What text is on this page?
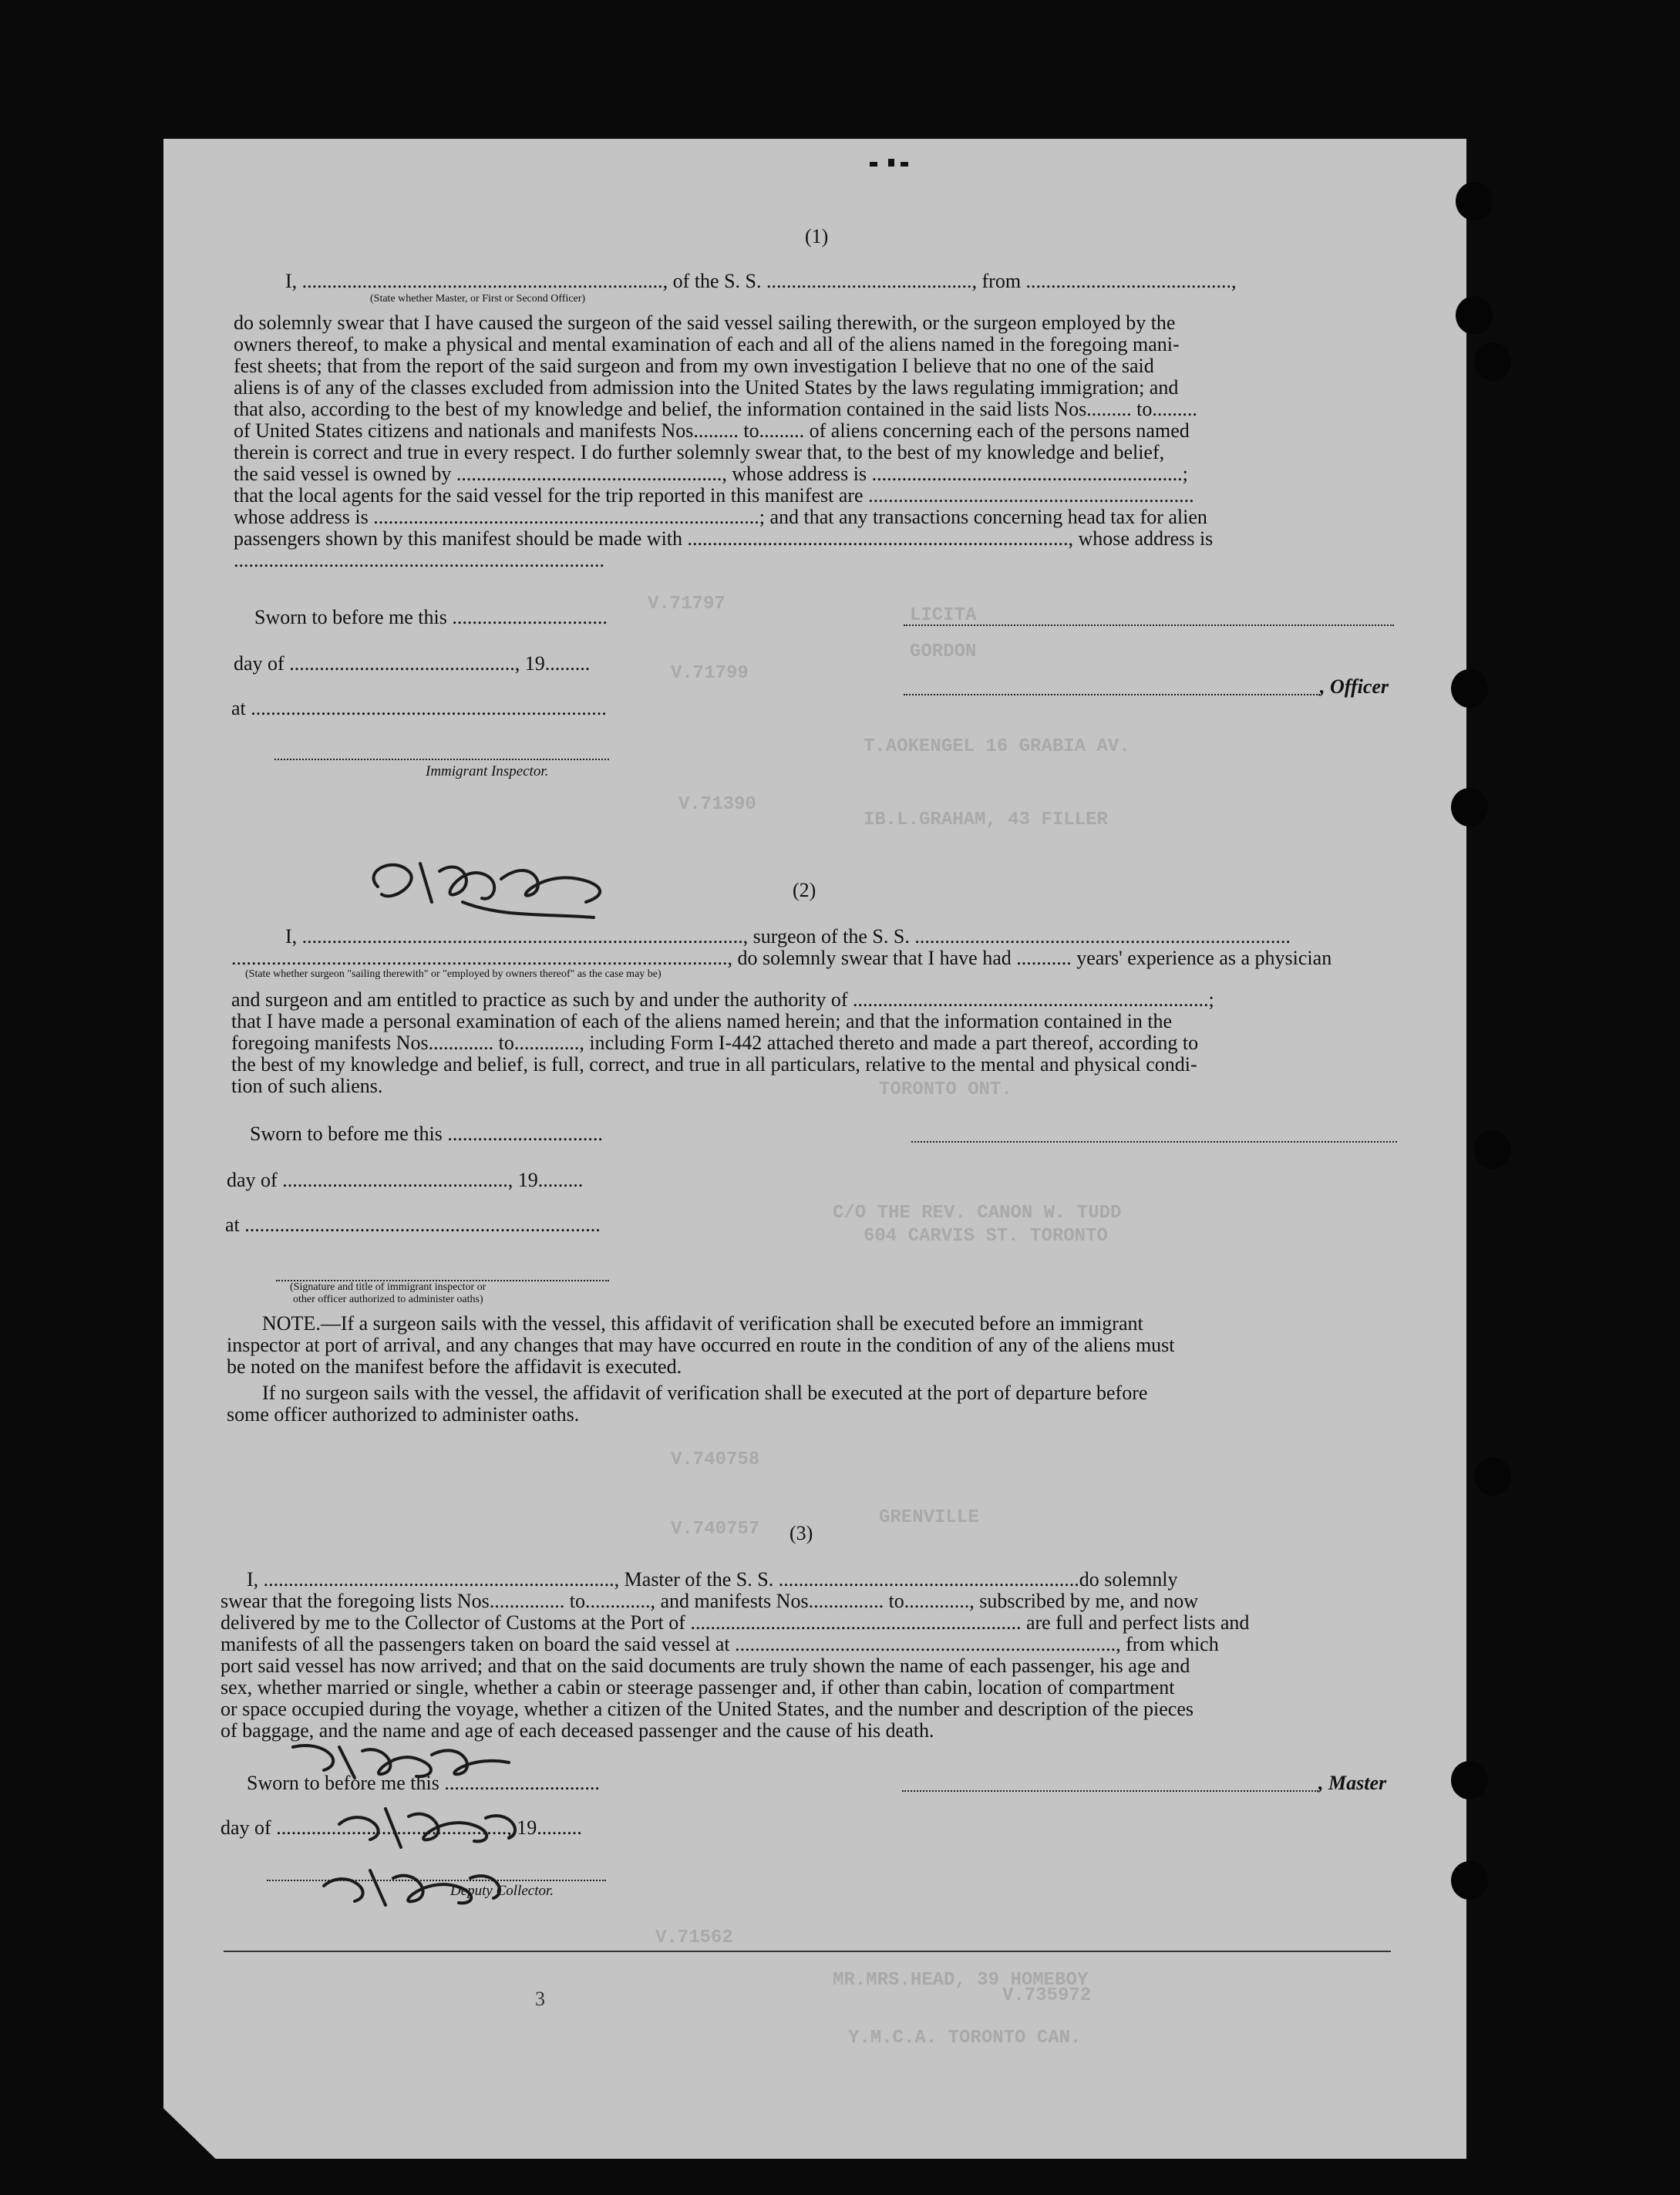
V.71797
LICITA
V.71799
GORDON
T.AOKENGEL 16 GRABIA AV.
IB.L.GRAHAM, 43 FILLER
V.71390
TORONTO ONT.
C/O THE REV. CANON W. TUDD
604 CARVIS ST. TORONTO
V.740758
V.740757
GRENVILLE
V.71562
MR.MRS.HEAD, 39 HOMEBOY
V.735972
Y.M.C.A. TORONTO CAN.
(1)
I, ........................................................................, of the S. S. ........................................., from .........................................,
(State whether Master, or First or Second Officer)
do solemnly swear that I have caused the surgeon of the said vessel sailing therewith, or the surgeon employed by the
owners thereof, to make a physical and mental examination of each and all of the aliens named in the foregoing mani-
fest sheets; that from the report of the said surgeon and from my own investigation I believe that no one of the said
aliens is of any of the classes excluded from admission into the United States by the laws regulating immigration; and
that also, according to the best of my knowledge and belief, the information contained in the said lists Nos......... to.........
of United States citizens and nationals and manifests Nos......... to......... of aliens concerning each of the persons named
therein is correct and true in every respect. I do further solemnly swear that, to the best of my knowledge and belief,
the said vessel is owned by ....................................................., whose address is ..............................................................;
that the local agents for the said vessel for the trip reported in this manifest are .................................................................
whose address is .............................................................................; and that any transactions concerning head tax for alien
passengers shown by this manifest should be made with ............................................................................, whose address is
..........................................................................
Sworn to before me this ...............................
day of ............................................., 19.........
, Officer
at .......................................................................
Immigrant Inspector.
(2)
I, ........................................................................................, surgeon of the S. S. ...........................................................................
..................................................................................................., do solemnly swear that I have had ........... years' experience as a physician
(State whether surgeon "sailing therewith" or "employed by owners thereof" as the case may be)
and surgeon and am entitled to practice as such by and under the authority of .......................................................................;
that I have made a personal examination of each of the aliens named herein; and that the information contained in the
foregoing manifests Nos............. to............., including Form I-442 attached thereto and made a part thereof, according to
the best of my knowledge and belief, is full, correct, and true in all particulars, relative to the mental and physical condi-
tion of such aliens.
Sworn to before me this ...............................
day of ............................................., 19.........
at .......................................................................
(Signature and title of immigrant inspector or
other officer authorized to administer oaths)
NOTE.—If a surgeon sails with the vessel, this affidavit of verification shall be executed before an immigrant
inspector at port of arrival, and any changes that may have occurred en route in the condition of any of the aliens must
be noted on the manifest before the affidavit is executed.
If no surgeon sails with the vessel, the affidavit of verification shall be executed at the port of departure before
some officer authorized to administer oaths.
(3)
I, ......................................................................, Master of the S. S. ............................................................do solemnly
swear that the foregoing lists Nos............... to............., and manifests Nos............... to............., subscribed by me, and now
delivered by me to the Collector of Customs at the Port of .................................................................. are full and perfect lists and
manifests of all the passengers taken on board the said vessel at ............................................................................, from which
port said vessel has now arrived; and that on the said documents are truly shown the name of each passenger, his age and
sex, whether married or single, whether a cabin or steerage passenger and, if other than cabin, location of compartment
or space occupied during the voyage, whether a citizen of the United States, and the number and description of the pieces
of baggage, and the name and age of each deceased passenger and the cause of his death.
Sworn to before me this ...............................	, Master
day of .............................................., 19.........
Deputy Collector.
3
